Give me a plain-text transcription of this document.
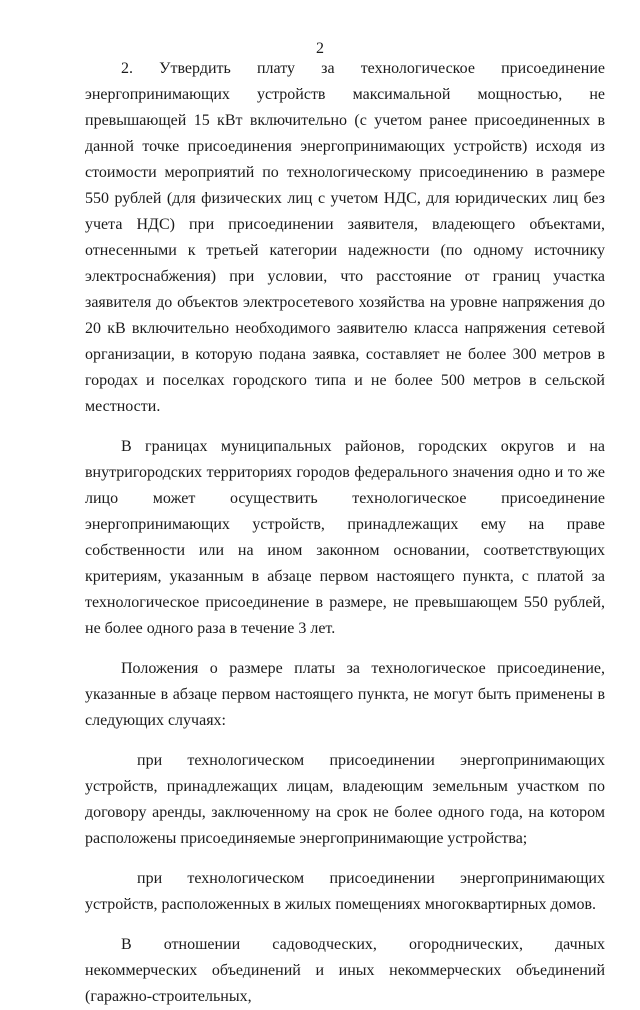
2

2. Утвердить плату за технологическое присоединение энергопринимающих устройств максимальной мощностью, не превышающей 15 кВт включительно (с учетом ранее присоединенных в данной точке присоединения энергопринимающих устройств) исходя из стоимости мероприятий по технологическому присоединению в размере 550 рублей (для физических лиц с учетом НДС, для юридических лиц без учета НДС) при присоединении заявителя, владеющего объектами, отнесенными к третьей категории надежности (по одному источнику электроснабжения) при условии, что расстояние от границ участка заявителя до объектов электросетевого хозяйства на уровне напряжения до 20 кВ включительно необходимого заявителю класса напряжения сетевой организации, в которую подана заявка, составляет не более 300 метров в городах и поселках городского типа и не более 500 метров в сельской местности.

В границах муниципальных районов, городских округов и на внутригородских территориях городов федерального значения одно и то же лицо может осуществить технологическое присоединение энергопринимающих устройств, принадлежащих ему на праве собственности или на ином законном основании, соответствующих критериям, указанным в абзаце первом настоящего пункта, с платой за технологическое присоединение в размере, не превышающем 550 рублей, не более одного раза в течение 3 лет.

Положения о размере платы за технологическое присоединение, указанные в абзаце первом настоящего пункта, не могут быть применены в следующих случаях:

при технологическом присоединении энергопринимающих устройств, принадлежащих лицам, владеющим земельным участком по договору аренды, заключенному на срок не более одного года, на котором расположены присоединяемые энергопринимающие устройства;

при технологическом присоединении энергопринимающих устройств, расположенных в жилых помещениях многоквартирных домов.

В отношении садоводческих, огороднических, дачных некоммерческих объединений и иных некоммерческих объединений (гаражно-строительных,
